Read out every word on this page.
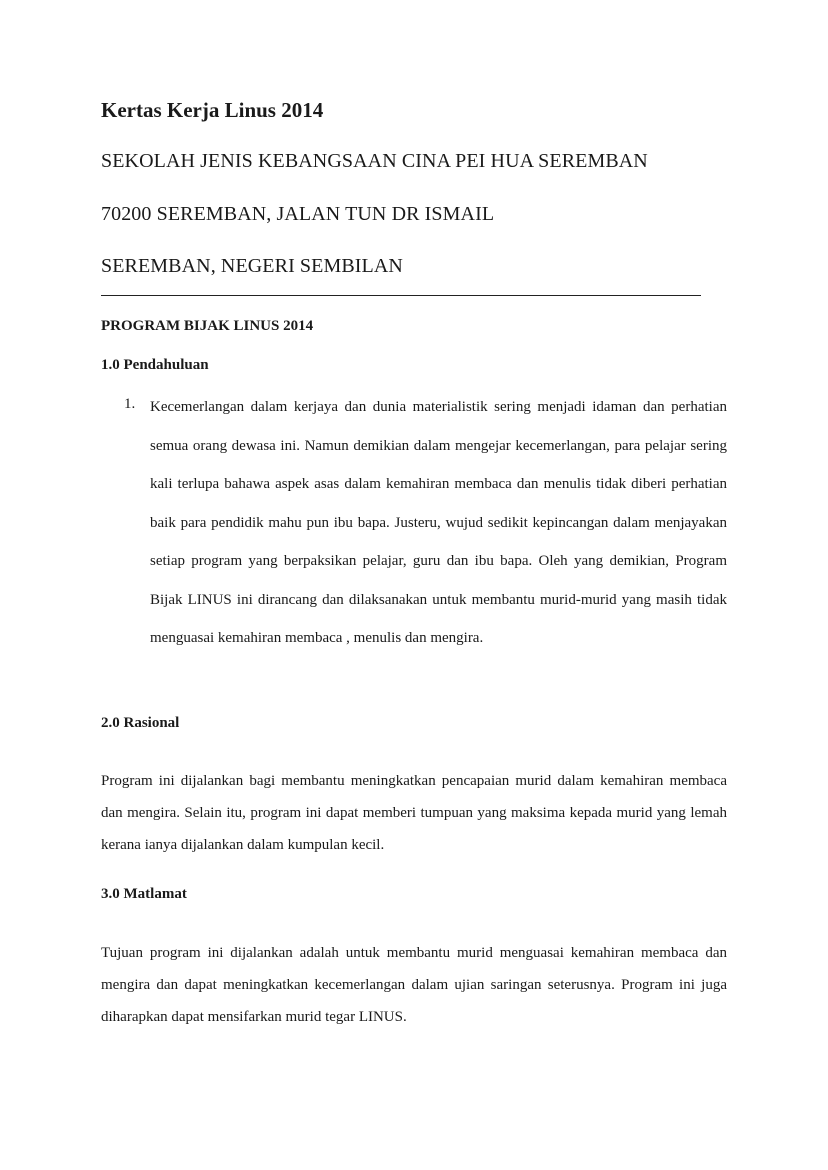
Kertas Kerja Linus 2014

SEKOLAH JENIS KEBANGSAAN CINA PEI HUA SEREMBAN

70200 SEREMBAN, JALAN TUN DR ISMAIL

SEREMBAN, NEGERI SEMBILAN

PROGRAM BIJAK LINUS 2014
1.0 Pendahuluan
1. Kecemerlangan dalam kerjaya dan dunia materialistik sering menjadi idaman dan perhatian semua orang dewasa ini. Namun demikian dalam mengejar kecemerlangan, para pelajar sering kali terlupa bahawa aspek asas dalam kemahiran membaca dan menulis tidak diberi perhatian baik para pendidik mahu pun ibu bapa. Justeru, wujud sedikit kepincangan dalam menjayakan setiap program yang berpaksikan pelajar, guru dan ibu bapa. Oleh yang demikian, Program Bijak LINUS ini dirancang dan dilaksanakan untuk membantu murid-murid yang masih tidak menguasai kemahiran membaca , menulis dan mengira.

2.0 Rasional

Program ini dijalankan bagi membantu meningkatkan pencapaian murid dalam kemahiran membaca dan mengira. Selain itu, program ini dapat memberi tumpuan yang maksima kepada murid yang lemah kerana ianya dijalankan dalam kumpulan kecil.

3.0 Matlamat

Tujuan program ini dijalankan adalah untuk membantu murid menguasai kemahiran membaca dan mengira dan dapat meningkatkan kecemerlangan dalam ujian saringan seterusnya. Program ini juga diharapkan dapat mensifarkan murid tegar LINUS.
